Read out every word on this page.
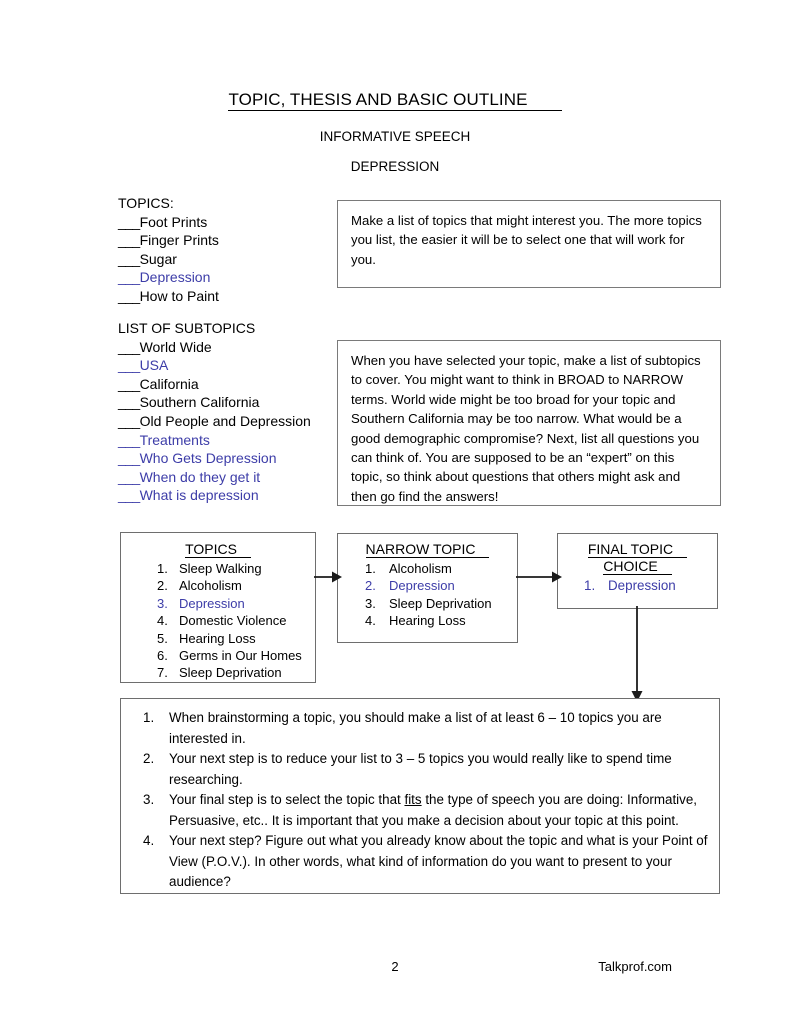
TOPIC, THESIS AND BASIC OUTLINE
INFORMATIVE SPEECH
DEPRESSION
TOPICS:
___Foot Prints
___Finger Prints
___Sugar
___Depression
___How to Paint
LIST OF SUBTOPICS
___World Wide
___USA
___California
___Southern California
___Old People and Depression
___Treatments
___Who Gets Depression
___When do they get it
___What is depression
Make a list of topics that might interest you. The more topics you list, the easier it will be to select one that will work for you.
When you have selected your topic, make a list of subtopics to cover. You might want to think in BROAD to NARROW terms. World wide might be too broad for your topic and Southern California may be too narrow. What would be a good demographic compromise? Next, list all questions you can think of. You are supposed to be an “expert” on this topic, so think about questions that others might ask and then go find the answers!
TOPICS
1. Sleep Walking
2. Alcoholism
3. Depression
4. Domestic Violence
5. Hearing Loss
6. Germs in Our Homes
7. Sleep Deprivation
NARROW TOPIC
1. Alcoholism
2. Depression
3. Sleep Deprivation
4. Hearing Loss
FINAL TOPIC
CHOICE
1. Depression
1. When brainstorming a topic, you should make a list of at least 6 – 10 topics you are interested in.
2. Your next step is to reduce your list to 3 – 5 topics you would really like to spend time researching.
3. Your final step is to select the topic that fits the type of speech you are doing: Informative, Persuasive, etc.. It is important that you make a decision about your topic at this point.
4. Your next step? Figure out what you already know about the topic and what is your Point of View (P.O.V.). In other words, what kind of information do you want to present to your audience?
2	Talkprof.com
